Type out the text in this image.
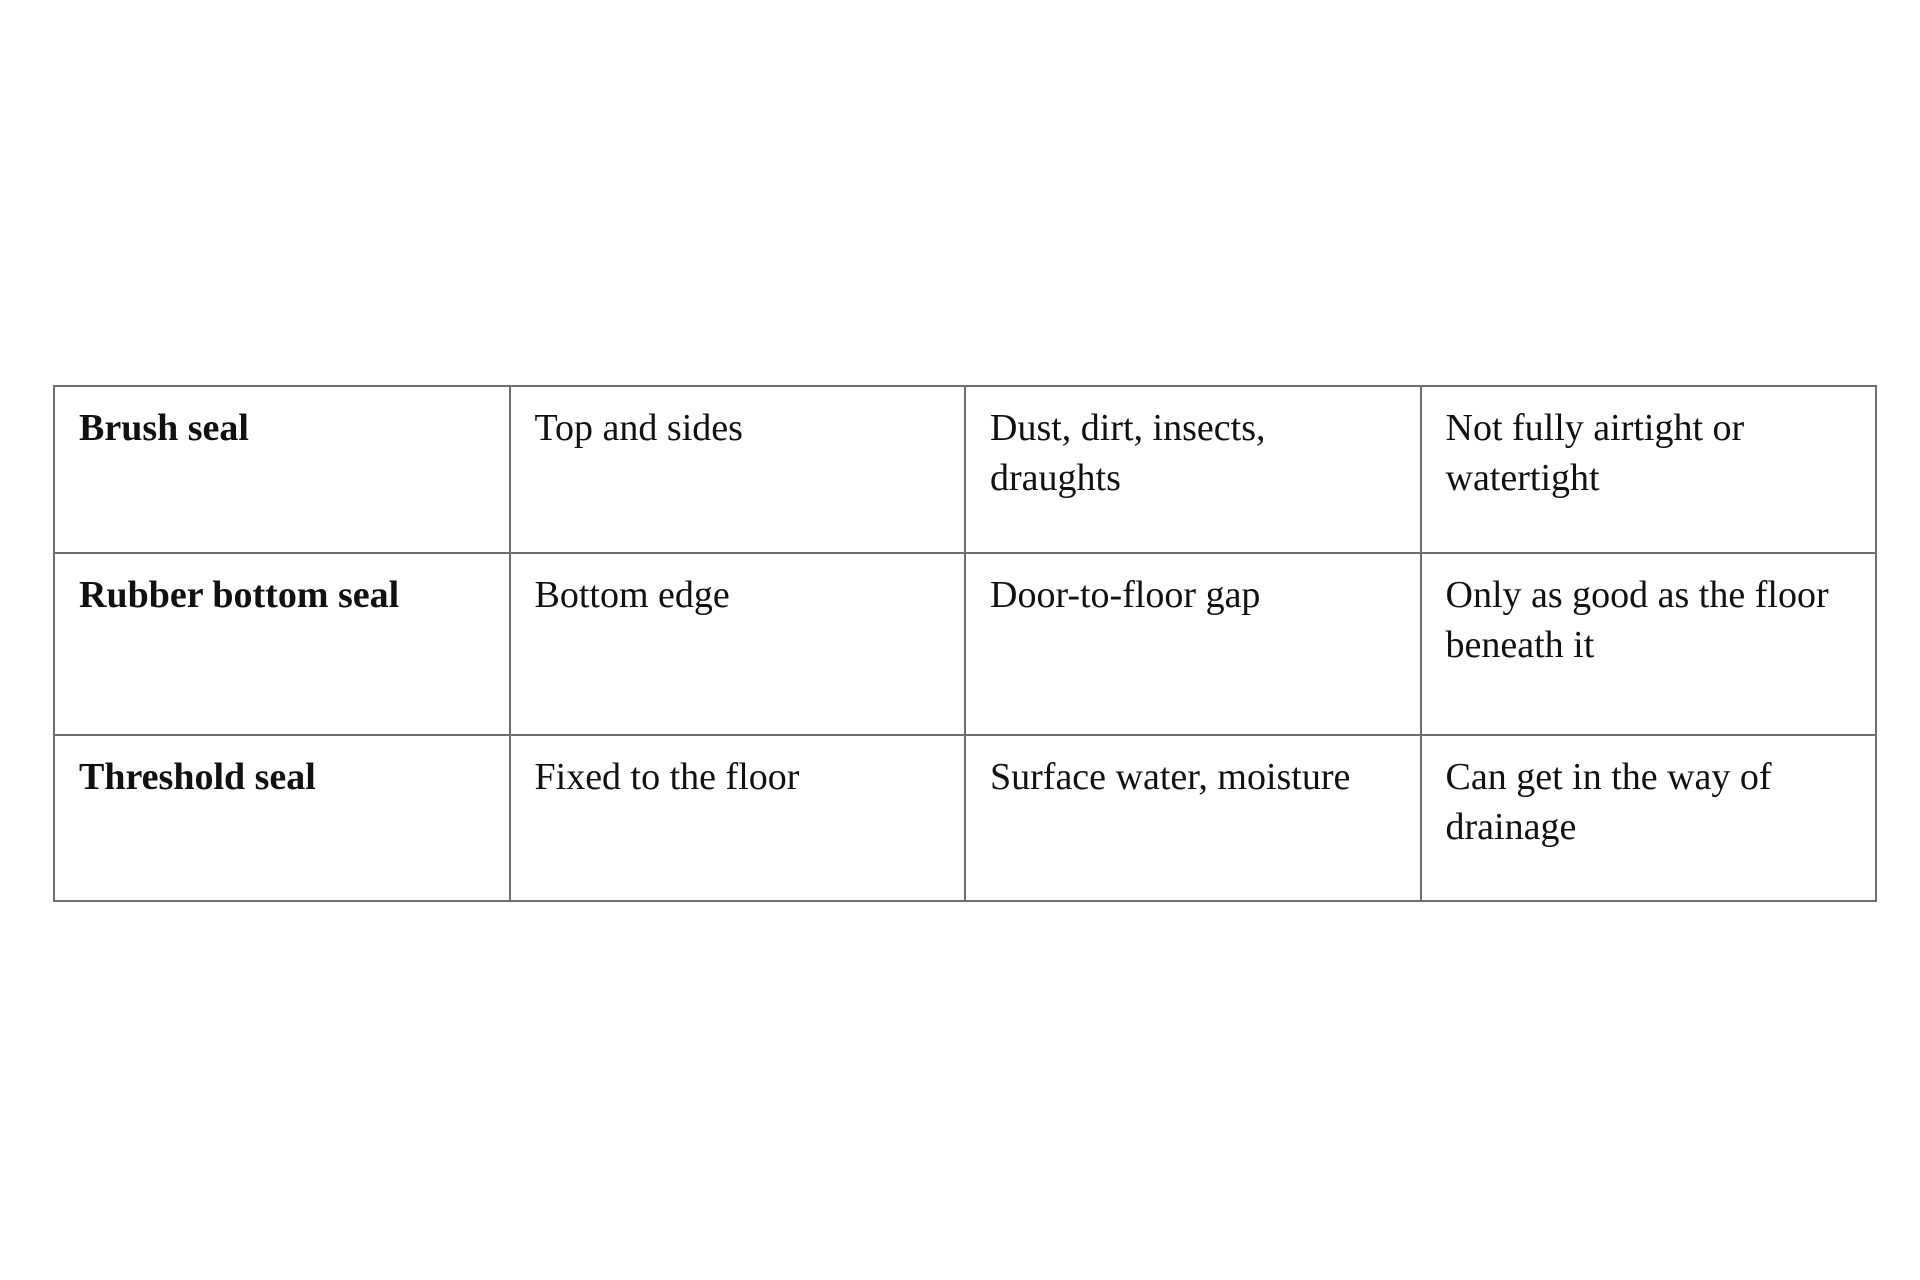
Brush seal	Top and sides	Dust, dirt, insects, draughts	Not fully airtight or watertight
Rubber bottom seal	Bottom edge	Door-to-floor gap	Only as good as the floor beneath it
Threshold seal	Fixed to the floor	Surface water, moisture	Can get in the way of drainage
